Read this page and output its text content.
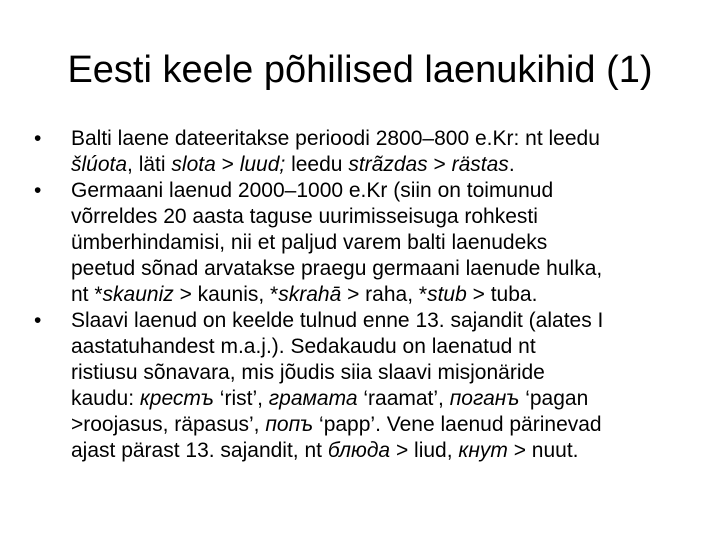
Eesti keele põhilised laenukihid (1)
•	Balti laene dateeritakse perioodi 2800–800 e.Kr: nt leedu
šlúota, läti slota > luud; leedu strãzdas > rästas.
•	Germaani laenud 2000–1000 e.Kr (siin on toimunud
võrreldes 20 aasta taguse uurimisseisuga rohkesti
ümberhindamisi, nii et paljud varem balti laenudeks
peetud sõnad arvatakse praegu germaani laenude hulka,
nt *skauniz > kaunis, *skrahā > raha, *stub > tuba.
•	Slaavi laenud on keelde tulnud enne 13. sajandit (alates I
aastatuhandest m.a.j.). Sedakaudu on laenatud nt
ristiusu sõnavara, mis jõudis siia slaavi misjonäride
kaudu: крестъ ‘rist’, грамата ‘raamat’, поганъ ‘pagan
>roojasus, räpasus’, попъ ‘papp’. Vene laenud pärinevad
ajast pärast 13. sajandit, nt блюда > liud, кнут > nuut.
